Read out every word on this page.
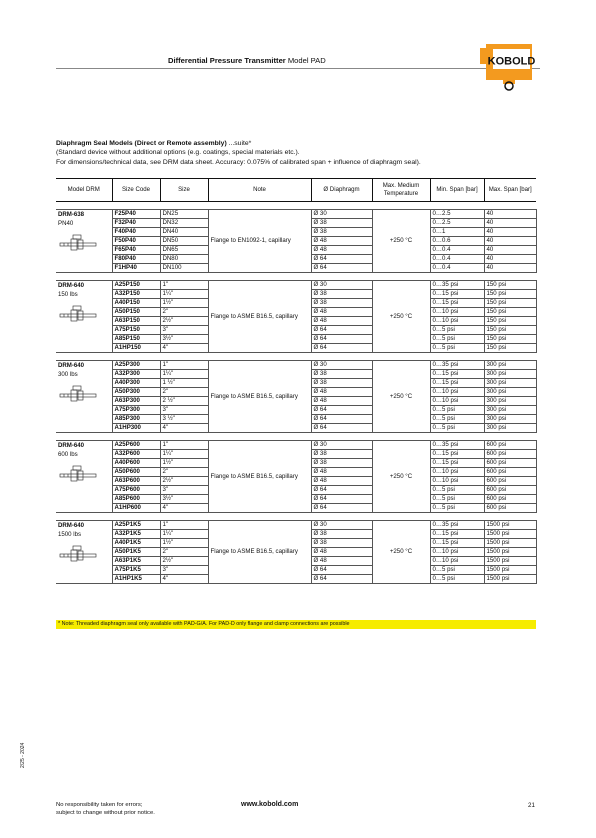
Differential Pressure Transmitter Model PAD	KOBOLD
Diaphragm Seal Models (Direct or Remote assembly) ...suite*
(Standard device without additional options (e.g. coatings, special materials etc.).
For dimensions/technical data, see DRM data sheet. Accuracy: 0.075% of calibrated span + influence of diaphragm seal).
Model DRM	Size Code	Size	Note	Ø Diaphragm	Max. Medium Temperature	Min. Span [bar]	Max. Span [bar]

DRM-638
PN40	F25P40	DN25	Flange to EN1092-1, capillary	Ø 30	+250 °C	0…2.5	40
	F32P40	DN32		Ø 38		0…2.5	40
	F40P40	DN40		Ø 38		0…1	40
	F50P40	DN50		Ø 48		0…0.6	40
	F65P40	DN65		Ø 48		0…0.4	40
	F80P40	DN80		Ø 64		0…0.4	40
	F1HP40	DN100		Ø 64		0…0.4	40

DRM-640
150 lbs	A25P150	1"	Flange to ASME B16.5, capillary	Ø 30	+250 °C	0…35 psi	150 psi
	A32P150	1¼"		Ø 38		0…15 psi	150 psi
	A40P150	1½"		Ø 38		0…15 psi	150 psi
	A50P150	2"		Ø 48		0…10 psi	150 psi
	A63P150	2½"		Ø 48		0…10 psi	150 psi
	A75P150	3"		Ø 64		0…5 psi	150 psi
	A85P150	3½"		Ø 64		0…5 psi	150 psi
	A1HP150	4"		Ø 64		0…5 psi	150 psi

DRM-640
300 lbs	A25P300	1"	Flange to ASME B16.5, capillary	Ø 30	+250 °C	0…35 psi	300 psi
	A32P300	1¼"		Ø 38		0…15 psi	300 psi
	A40P300	1 ½"		Ø 38		0…15 psi	300 psi
	A50P300	2"		Ø 48		0…10 psi	300 psi
	A63P300	2 ½"		Ø 48		0…10 psi	300 psi
	A75P300	3"		Ø 64		0…5 psi	300 psi
	A85P300	3 ½"		Ø 64		0…5 psi	300 psi
	A1HP300	4"		Ø 64		0…5 psi	300 psi

DRM-640
600 lbs	A25P600	1"	Flange to ASME B16.5, capillary	Ø 30	+250 °C	0…35 psi	600 psi
	A32P600	1¼"		Ø 38		0…15 psi	600 psi
	A40P600	1½"		Ø 38		0…15 psi	600 psi
	A50P600	2"		Ø 48		0…10 psi	600 psi
	A63P600	2½"		Ø 48		0…10 psi	600 psi
	A75P600	3"		Ø 64		0…5 psi	600 psi
	A85P600	3½"		Ø 64		0…5 psi	600 psi
	A1HP600	4"		Ø 64		0…5 psi	600 psi

DRM-640
1500 lbs	A25P1K5	1"	Flange to ASME B16.5, capillary	Ø 30	+250 °C	0…35 psi	1500 psi
	A32P1K5	1¼"		Ø 38		0…15 psi	1500 psi
	A40P1K5	1½"		Ø 38		0…15 psi	1500 psi
	A50P1K5	2"		Ø 48		0…10 psi	1500 psi
	A63P1K5	2½"		Ø 48		0…10 psi	1500 psi
	A75P1K5	3"		Ø 64		0…5 psi	1500 psi
	A1HP1K5	4"		Ø 64		0…5 psi	1500 psi
* Note: Threaded diaphragm seal only available with PAD-G/A. For PAD-D only flange and clamp connections are possible
No responsibility taken for errors;
subject to change without prior notice.
www.kobold.com	21
2/25 - 2024
